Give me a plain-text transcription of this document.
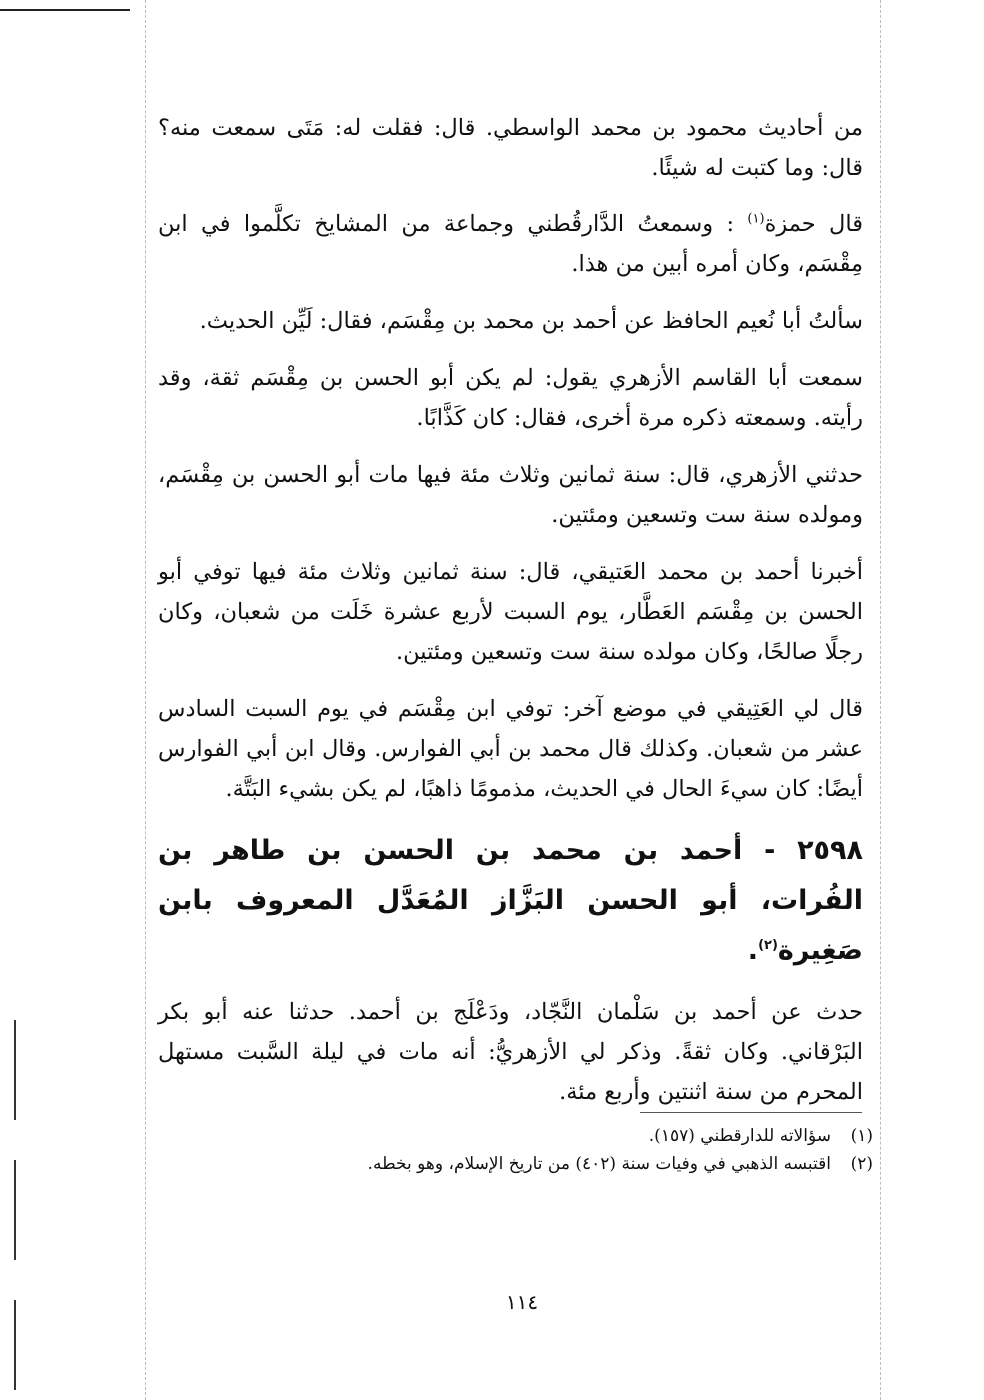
من أحاديث محمود بن محمد الواسطي. قال: فقلت له: مَتَى سمعت منه؟ قال: وما كتبت له شيئًا.

قال حمزة$^{(١)}$ : وسمعتُ الدَّارقُطني وجماعة من المشايخ تكلَّموا في ابن مِقْسَم، وكان أمره أبين من هذا.

سألتُ أبا نُعيم الحافظ عن أحمد بن محمد بن مِقْسَم، فقال: لَيِّن الحديث.

سمعت أبا القاسم الأزهري يقول: لم يكن أبو الحسن بن مِقْسَم ثقة، وقد رأيته. وسمعته ذكره مرة أخرى، فقال: كان كَذَّابًا.

حدثني الأزهري، قال: سنة ثمانين وثلاث مئة فيها مات أبو الحسن بن مِقْسَم، ومولده سنة ست وتسعين ومئتين.

أخبرنا أحمد بن محمد العَتيقي، قال: سنة ثمانين وثلاث مئة فيها توفي أبو الحسن بن مِقْسَم العَطَّار، يوم السبت لأربع عشرة خَلَت من شعبان، وكان رجلًا صالحًا، وكان مولده سنة ست وتسعين ومئتين.

قال لي العَتِيقي في موضع آخر: توفي ابن مِقْسَم في يوم السبت السادس عشر من شعبان. وكذلك قال محمد بن أبي الفوارس. وقال ابن أبي الفوارس أيضًا: كان سيءَ الحال في الحديث، مذمومًا ذاهبًا، لم يكن بشيء البَتَّة.

٢٥٩٨ - أحمد بن محمد بن الحسن بن طاهر بن الفُرات، أبو الحسن البَزَّاز المُعَدَّل المعروف بابن صَغِيرة$^{(٢)}$.

حدث عن أحمد بن سَلْمان النَّجّاد، ودَعْلَج بن أحمد. حدثنا عنه أبو بكر البَرْقاني. وكان ثقةً. وذكر لي الأزهريُّ: أنه مات في ليلة السَّبت مستهل المحرم من سنة اثنتين وأربع مئة.

(١)سؤالاته للدارقطني (١٥٧).
(٢)اقتبسه الذهبي في وفيات سنة (٤٠٢) من تاريخ الإسلام، وهو بخطه.
١١٤
